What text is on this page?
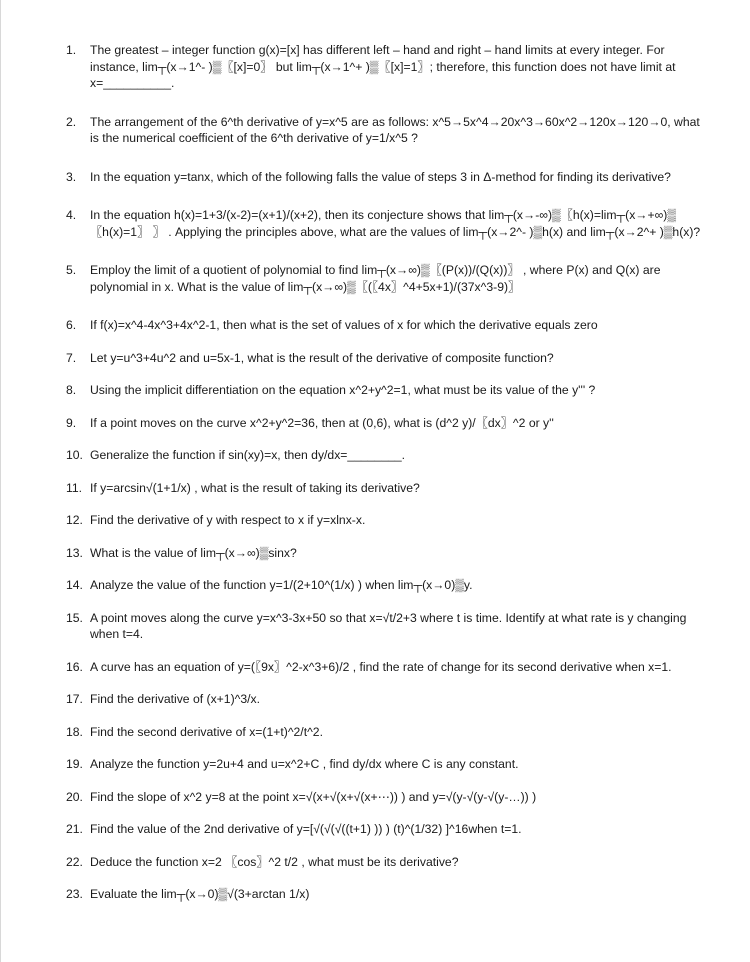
1. The greatest – integer function g(x)=[x] has different left – hand and right – hand limits at every integer. For instance, lim┬(x→1^- )▒〖[x]=0〗 but lim┬(x→1^+ )▒〖[x]=1〗; therefore, this function does not have limit at x=__________.
2. The arrangement of the 6^th derivative of y=x^5 are as follows: x^5→5x^4→20x^3→60x^2→120x→120→0, what is the numerical coefficient of the 6^th derivative of y=1/x^5 ?
3. In the equation y=tanx, which of the following falls the value of steps 3 in Δ-method for finding its derivative?
4. In the equation h(x)=1+3/(x-2)=(x+1)/(x+2), then its conjecture shows that lim┬(x→-∞)▒〖h(x)=lim┬(x→+∞)▒〖h(x)=1〗 〗 . Applying the principles above, what are the values of lim┬(x→2^- )▒h(x) and lim┬(x→2^+ )▒h(x)?
5. Employ the limit of a quotient of polynomial to find lim┬(x→∞)▒〖(P(x))/(Q(x))〗 , where P(x) and Q(x) are polynomial in x. What is the value of lim┬(x→∞)▒〖(〖4x〗^4+5x+1)/(37x^3-9)〗
6. If f(x)=x^4-4x^3+4x^2-1, then what is the set of values of x for which the derivative equals zero
7. Let y=u^3+4u^2 and u=5x-1, what is the result of the derivative of composite function?
8. Using the implicit differentiation on the equation x^2+y^2=1, what must be its value of the y''' ?
9. If a point moves on the curve x^2+y^2=36, then at (0,6), what is (d^2 y)/〖dx〗^2 or y''
10. Generalize the function if sin⁡(xy)=x, then dy/dx=________.
11. If y=arcsin√(1+1/x) , what is the result of taking its derivative?
12. Find the derivative of y with respect to x if y=xlnx-x.
13. What is the value of lim┬(x→∞)▒sinx?
14. Analyze the value of the function y=1/(2+10^(1/x) ) when lim┬(x→0)▒y.
15. A point moves along the curve y=x^3-3x+50 so that x=√t/2+3 where t is time. Identify at what rate is y changing when t=4.
16. A curve has an equation of y=(〖9x〗^2-x^3+6)/2 , find the rate of change for its second derivative when x=1.
17. Find the derivative of (x+1)^3/x.
18. Find the second derivative of x=(1+t)^2/t^2.
19. Analyze the function y=2u+4 and u=x^2+C , find dy/dx where C is any constant.
20. Find the slope of x^2 y=8 at the point x=√(x+√(x+√(x+⋯)) ) and y=√(y-√(y-√(y-…)) )
21. Find the value of the 2nd derivative of y=[√(√(√((t+1) )) ) (t)^(1/32) ]^16when t=1.
22. Deduce the function x=2 〖cos〗^2 t/2 , what must be its derivative?
23. Evaluate the lim┬(x→0)▒√(3+arctan 1/x)
